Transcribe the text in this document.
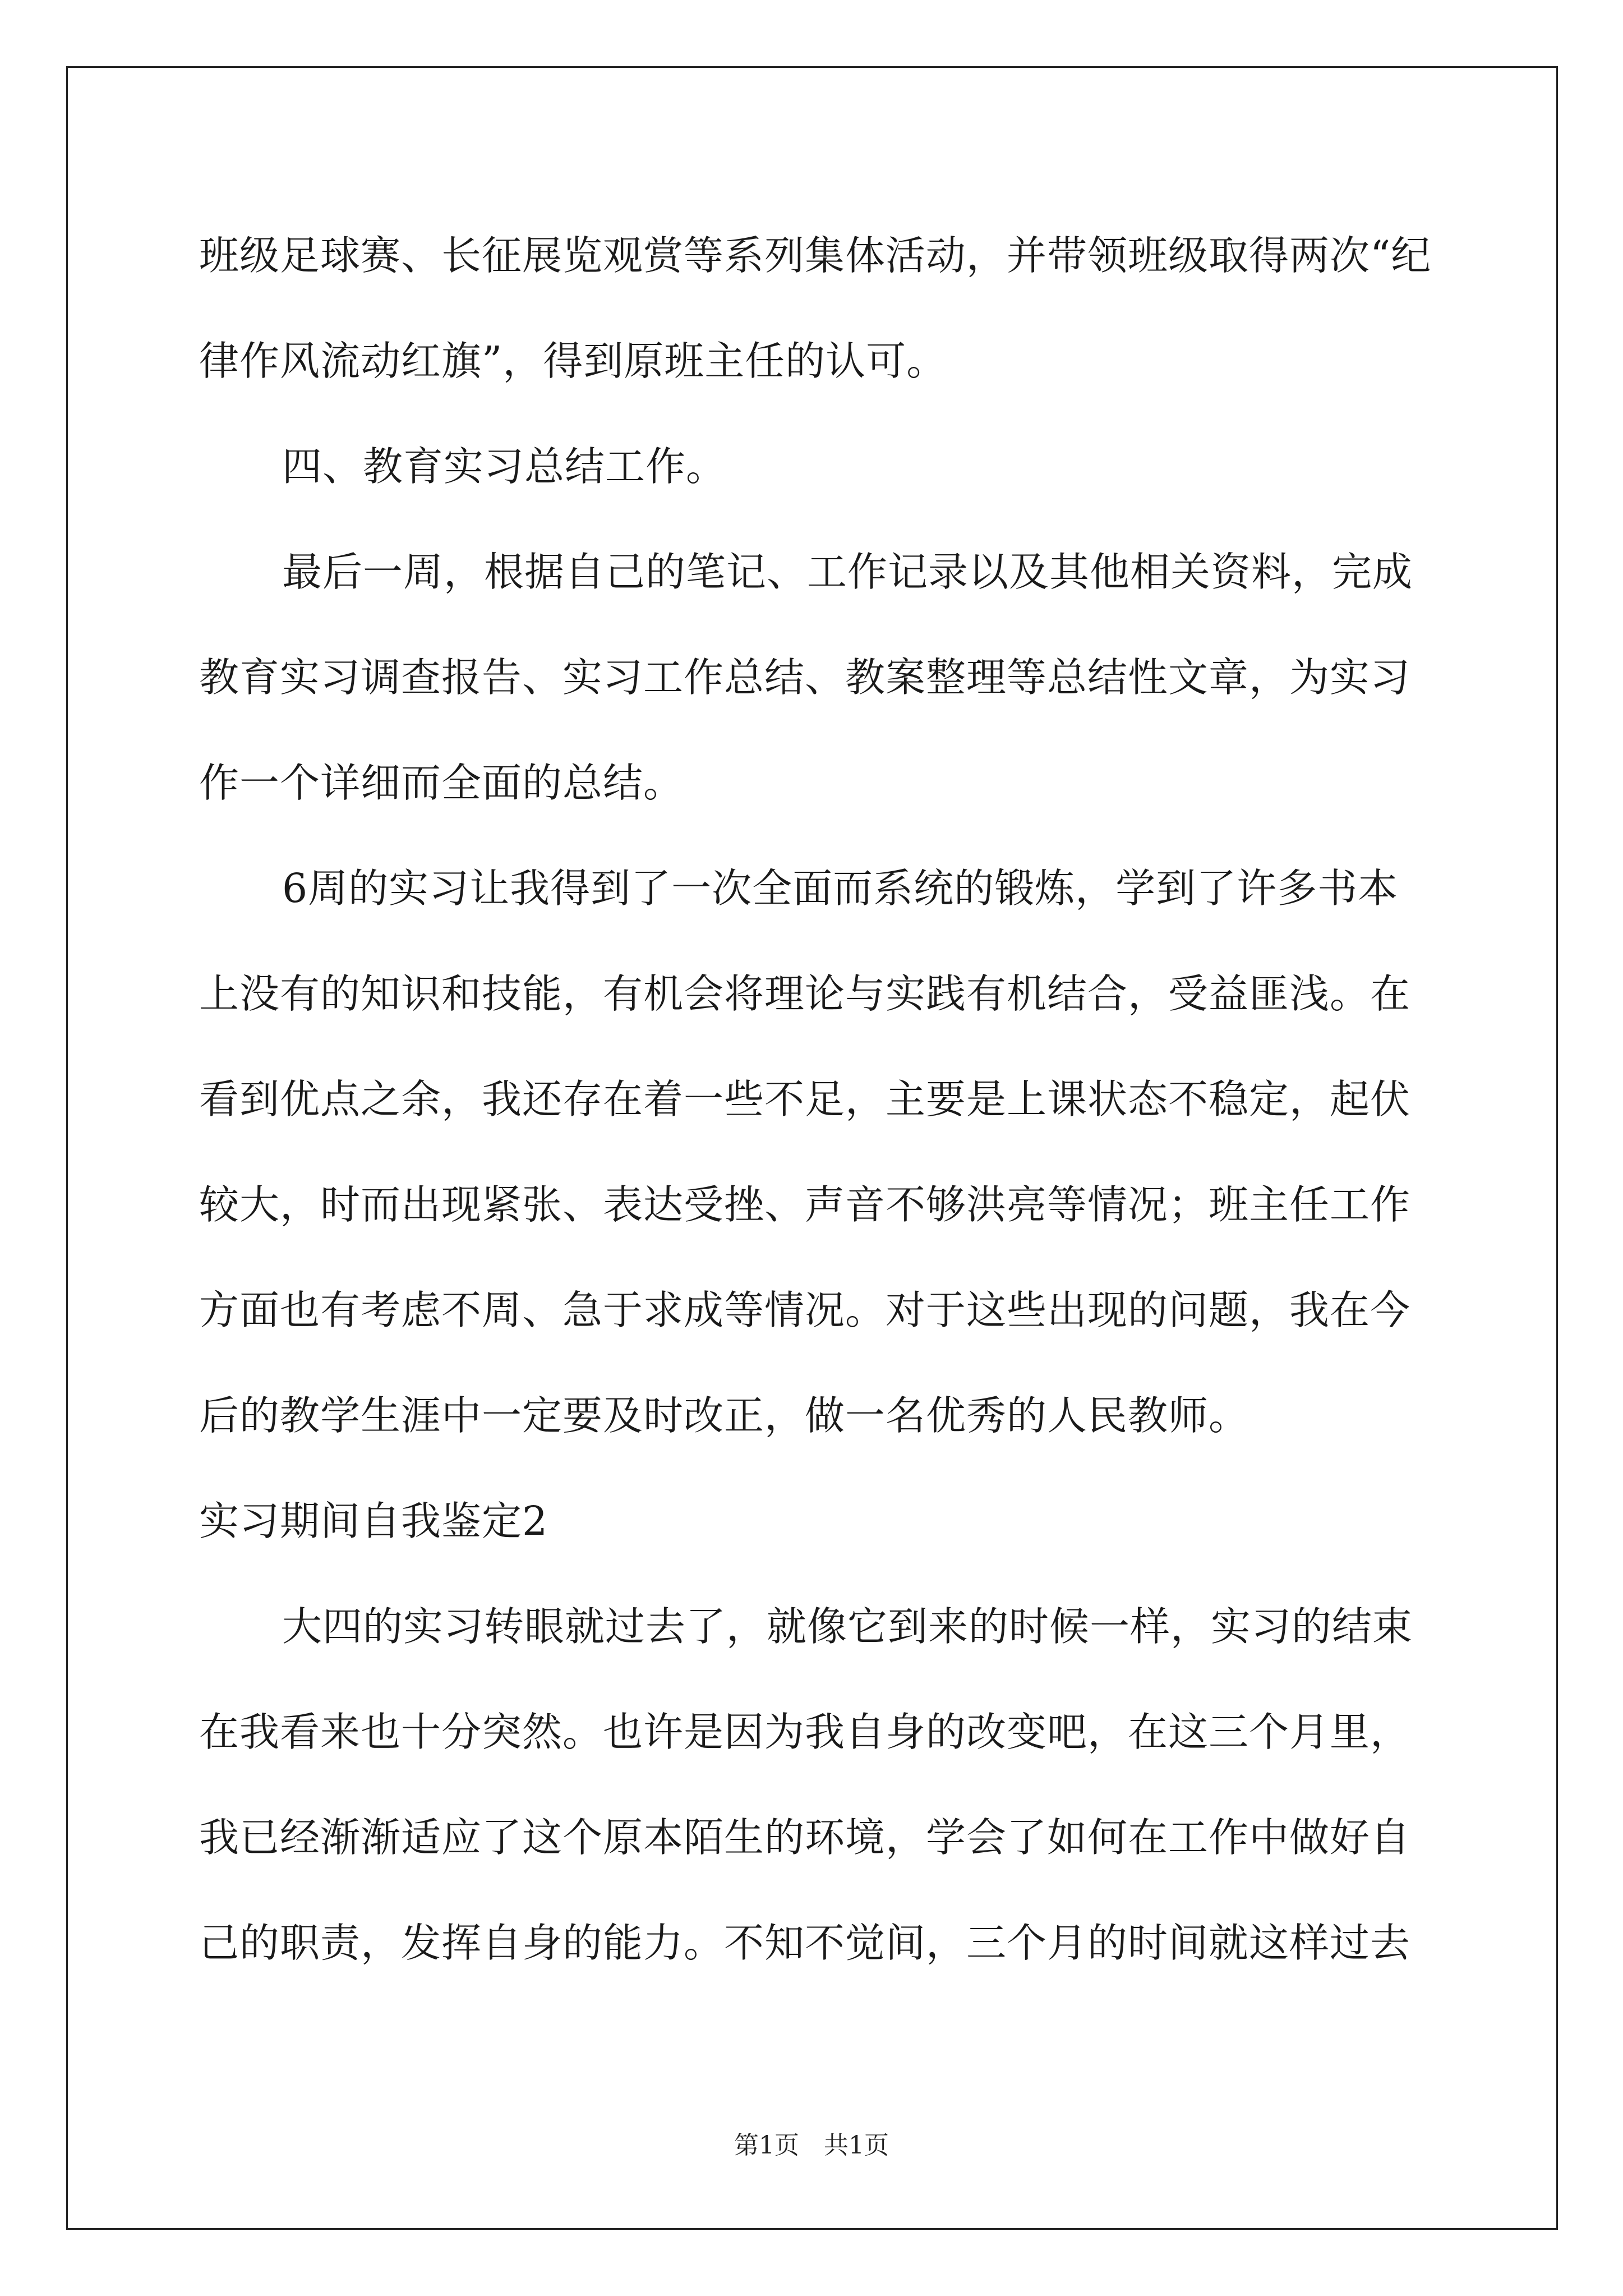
班级足球赛、长征展览观赏等系列集体活动，并带领班级取得两次“纪
律作风流动红旗”，得到原班主任的认可。
四、教育实习总结工作。
最后一周，根据自己的笔记、工作记录以及其他相关资料，完成
教育实习调查报告、实习工作总结、教案整理等总结性文章，为实习
作一个详细而全面的总结。
6周的实习让我得到了一次全面而系统的锻炼，学到了许多书本
上没有的知识和技能，有机会将理论与实践有机结合，受益匪浅。在
看到优点之余，我还存在着一些不足，主要是上课状态不稳定，起伏
较大，时而出现紧张、表达受挫、声音不够洪亮等情况；班主任工作
方面也有考虑不周、急于求成等情况。对于这些出现的问题，我在今
后的教学生涯中一定要及时改正，做一名优秀的人民教师。
实习期间自我鉴定2
大四的实习转眼就过去了，就像它到来的时候一样，实习的结束
在我看来也十分突然。也许是因为我自身的改变吧，在这三个月里，
我已经渐渐适应了这个原本陌生的环境，学会了如何在工作中做好自
己的职责，发挥自身的能力。不知不觉间，三个月的时间就这样过去
第1页　共1页
